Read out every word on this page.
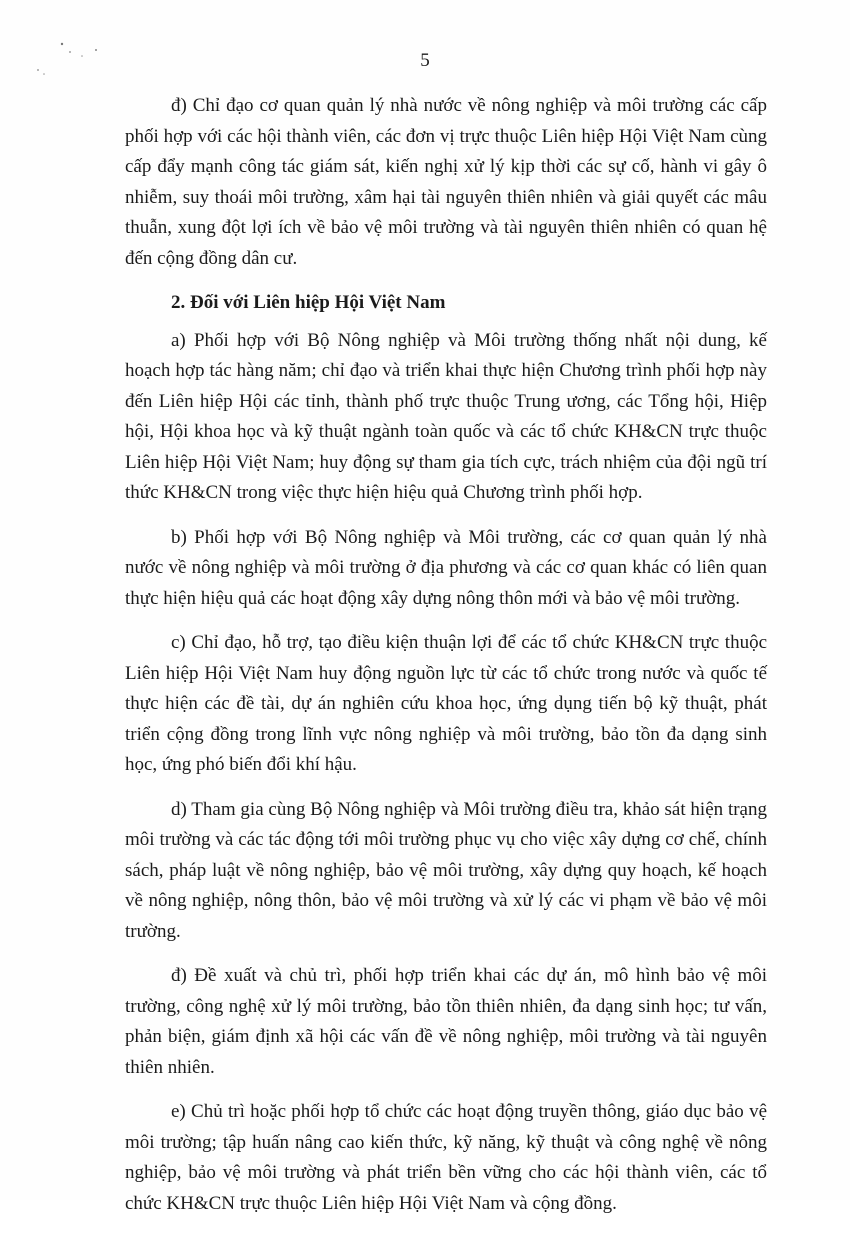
5

đ) Chỉ đạo cơ quan quản lý nhà nước về nông nghiệp và môi trường các cấp phối hợp với các hội thành viên, các đơn vị trực thuộc Liên hiệp Hội Việt Nam cùng cấp đẩy mạnh công tác giám sát, kiến nghị xử lý kịp thời các sự cố, hành vi gây ô nhiễm, suy thoái môi trường, xâm hại tài nguyên thiên nhiên và giải quyết các mâu thuẫn, xung đột lợi ích về bảo vệ môi trường và tài nguyên thiên nhiên có quan hệ đến cộng đồng dân cư.

2. Đối với Liên hiệp Hội Việt Nam

a) Phối hợp với Bộ Nông nghiệp và Môi trường thống nhất nội dung, kế hoạch hợp tác hàng năm; chỉ đạo và triển khai thực hiện Chương trình phối hợp này đến Liên hiệp Hội các tỉnh, thành phố trực thuộc Trung ương, các Tổng hội, Hiệp hội, Hội khoa học và kỹ thuật ngành toàn quốc và các tổ chức KH&CN trực thuộc Liên hiệp Hội Việt Nam; huy động sự tham gia tích cực, trách nhiệm của đội ngũ trí thức KH&CN trong việc thực hiện hiệu quả Chương trình phối hợp.

b) Phối hợp với Bộ Nông nghiệp và Môi trường, các cơ quan quản lý nhà nước về nông nghiệp và môi trường ở địa phương và các cơ quan khác có liên quan thực hiện hiệu quả các hoạt động xây dựng nông thôn mới và bảo vệ môi trường.

c) Chỉ đạo, hỗ trợ, tạo điều kiện thuận lợi để các tổ chức KH&CN trực thuộc Liên hiệp Hội Việt Nam huy động nguồn lực từ các tổ chức trong nước và quốc tế thực hiện các đề tài, dự án nghiên cứu khoa học, ứng dụng tiến bộ kỹ thuật, phát triển cộng đồng trong lĩnh vực nông nghiệp và môi trường, bảo tồn đa dạng sinh học, ứng phó biến đổi khí hậu.

d) Tham gia cùng Bộ Nông nghiệp và Môi trường điều tra, khảo sát hiện trạng môi trường và các tác động tới môi trường phục vụ cho việc xây dựng cơ chế, chính sách, pháp luật về nông nghiệp, bảo vệ môi trường, xây dựng quy hoạch, kế hoạch về nông nghiệp, nông thôn, bảo vệ môi trường và xử lý các vi phạm về bảo vệ môi trường.

đ) Đề xuất và chủ trì, phối hợp triển khai các dự án, mô hình bảo vệ môi trường, công nghệ xử lý môi trường, bảo tồn thiên nhiên, đa dạng sinh học; tư vấn, phản biện, giám định xã hội các vấn đề về nông nghiệp, môi trường và tài nguyên thiên nhiên.

e) Chủ trì hoặc phối hợp tổ chức các hoạt động truyền thông, giáo dục bảo vệ môi trường; tập huấn nâng cao kiến thức, kỹ năng, kỹ thuật và công nghệ về nông nghiệp, bảo vệ môi trường và phát triển bền vững cho các hội thành viên, các tổ chức KH&CN trực thuộc Liên hiệp Hội Việt Nam và cộng đồng.
